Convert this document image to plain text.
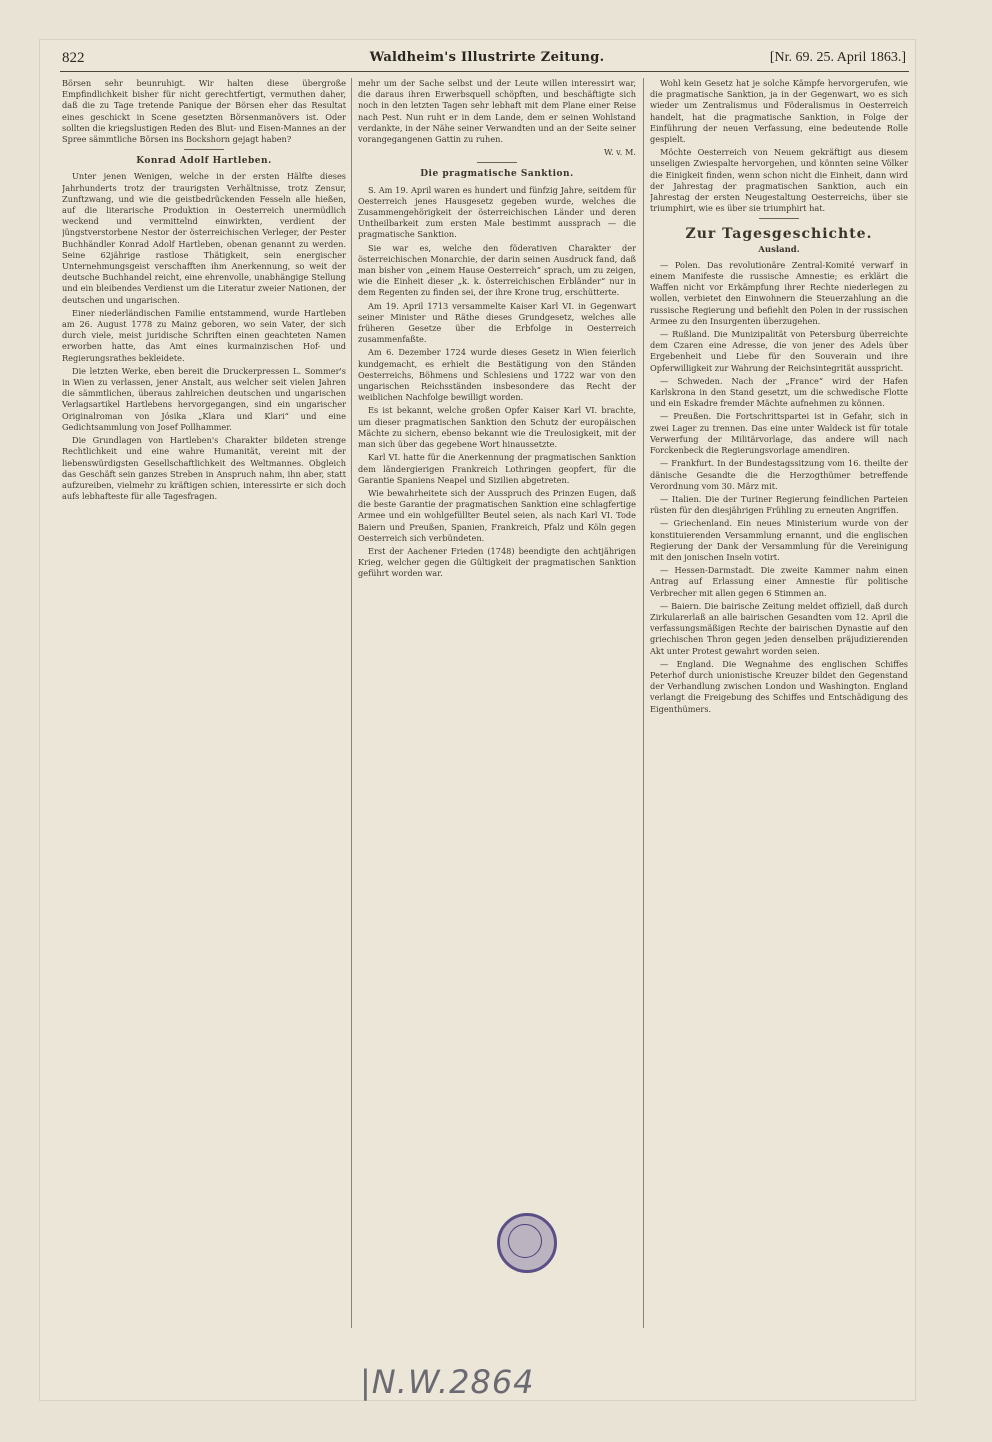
822	Waldheim's Illustrirte Zeitung.	[Nr. 69. 25. April 1863.]

Börsen sehr beunruhigt. Wir halten diese übergroße Empfindlichkeit bisher für nicht gerechtfertigt, vermuthen daher, daß die zu Tage tretende Panique der Börsen eher das Resultat eines geschickt in Scene gesetzten Börsenmanövers ist. Oder sollten die kriegslustigen Reden des Blut- und Eisen-Mannes an der Spree sämmtliche Börsen ins Bockshorn gejagt haben?

Konrad Adolf Hartleben.

Unter jenen Wenigen, welche in der ersten Hälfte dieses Jahrhunderts trotz der traurigsten Verhältnisse, trotz Zensur, Zunftzwang, und wie die geistbedrückenden Fesseln alle hießen, auf die literarische Produktion in Oesterreich unermüdlich weckend und vermittelnd einwirkten, verdient der jüngstverstorbene Nestor der österreichischen Verleger, der Pester Buchhändler Konrad Adolf Hartleben, obenan genannt zu werden. Seine 62jährige rastlose Thätigkeit, sein energischer Unternehmungsgeist verschafften ihm Anerkennung, so weit der deutsche Buchhandel reicht, eine ehrenvolle, unabhängige Stellung und ein bleibendes Verdienst um die Literatur zweier Nationen, der deutschen und ungarischen.

Einer niederländischen Familie entstammend, wurde Hartleben am 26. August 1778 zu Mainz geboren, wo sein Vater, der sich durch viele, meist juridische Schriften einen geachteten Namen erworben hatte, das Amt eines kurmainzischen Hof- und Regierungsrathes bekleidete.

Die letzten Werke, eben bereit die Druckerpressen L. Sommer's in Wien zu verlassen, jener Anstalt, aus welcher seit vielen Jahren die sämmtlichen, überaus zahlreichen deutschen und ungarischen Verlagsartikel Hartlebens hervorgegangen, sind ein ungarischer Originalroman von Jósika „Klara und Klari“ und eine Gedichtsammlung von Josef Pollhammer.

Die Grundlagen von Hartleben's Charakter bildeten strenge Rechtlichkeit und eine wahre Humanität, vereint mit der liebenswürdigsten Gesellschaftlichkeit des Weltmannes. Obgleich das Geschäft sein ganzes Streben in Anspruch nahm, ihn aber, statt aufzureiben, vielmehr zu kräftigen schien, interessirte er sich doch aufs lebhafteste für alle Tagesfragen.

mehr um der Sache selbst und der Leute willen interessirt war, die daraus ihren Erwerbsquell schöpften, und beschäftigte sich noch in den letzten Tagen sehr lebhaft mit dem Plane einer Reise nach Pest. Nun ruht er in dem Lande, dem er seinen Wohlstand verdankte, in der Nähe seiner Verwandten und an der Seite seiner vorangegangenen Gattin zu ruhen.

W. v. M.

Die pragmatische Sanktion.

S. Am 19. April waren es hundert und fünfzig Jahre, seitdem für Oesterreich jenes Hausgesetz gegeben wurde, welches die Zusammengehörigkeit der österreichischen Länder und deren Untheilbarkeit zum ersten Male bestimmt aussprach — die pragmatische Sanktion.

Sie war es, welche den föderativen Charakter der österreichischen Monarchie, der darin seinen Ausdruck fand, daß man bisher von „einem Hause Oesterreich“ sprach, um zu zeigen, wie die Einheit dieser „k. k. österreichischen Erbländer“ nur in dem Regenten zu finden sei, der ihre Krone trug, erschütterte.

Am 19. April 1713 versammelte Kaiser Karl VI. in Gegenwart seiner Minister und Räthe dieses Grundgesetz, welches alle früheren Gesetze über die Erbfolge in Oesterreich zusammenfaßte.

Am 6. Dezember 1724 wurde dieses Gesetz in Wien feierlich kundgemacht, es erhielt die Bestätigung von den Ständen Oesterreichs, Böhmens und Schlesiens und 1722 war von den ungarischen Reichsständen insbesondere das Recht der weiblichen Nachfolge bewilligt worden.

Es ist bekannt, welche großen Opfer Kaiser Karl VI. brachte, um dieser pragmatischen Sanktion den Schutz der europäischen Mächte zu sichern, ebenso bekannt wie die Treulosigkeit, mit der man sich über das gegebene Wort hinaussetzte.

Karl VI. hatte für die Anerkennung der pragmatischen Sanktion dem ländergierigen Frankreich Lothringen geopfert, für die Garantie Spaniens Neapel und Sizilien abgetreten.

Wie bewahrheitete sich der Ausspruch des Prinzen Eugen, daß die beste Garantie der pragmatischen Sanktion eine schlagfertige Armee und ein wohlgefüllter Beutel seien, als nach Karl VI. Tode Baiern und Preußen, Spanien, Frankreich, Pfalz und Köln gegen Oesterreich sich verbündeten.

Erst der Aachener Frieden (1748) beendigte den achtjährigen Krieg, welcher gegen die Gültigkeit der pragmatischen Sanktion geführt worden war.

Wohl kein Gesetz hat je solche Kämpfe hervorgerufen, wie die pragmatische Sanktion, ja in der Gegenwart, wo es sich wieder um Zentralismus und Föderalismus in Oesterreich handelt, hat die pragmatische Sanktion, in Folge der Einführung der neuen Verfassung, eine bedeutende Rolle gespielt.

Möchte Oesterreich von Neuem gekräftigt aus diesem unseligen Zwiespalte hervorgehen, und könnten seine Völker die Einigkeit finden, wenn schon nicht die Einheit, dann wird der Jahrestag der pragmatischen Sanktion, auch ein Jahrestag der ersten Neugestaltung Oesterreichs, über sie triumphirt, wie es über sie triumphirt hat.

Zur Tagesgeschichte.
Ausland.

— Polen. Das revolutionäre Zentral-Komité verwarf in einem Manifeste die russische Amnestie; es erklärt die Waffen nicht vor Erkämpfung ihrer Rechte niederlegen zu wollen, verbietet den Einwohnern die Steuerzahlung an die russische Regierung und befiehlt den Polen in der russischen Armee zu den Insurgenten überzugehen.

— Rußland. Die Munizipalität von Petersburg überreichte dem Czaren eine Adresse, die von jener des Adels über Ergebenheit und Liebe für den Souverain und ihre Opferwilligkeit zur Wahrung der Reichsintegrität ausspricht.

— Schweden. Nach der „France“ wird der Hafen Karlskrona in den Stand gesetzt, um die schwedische Flotte und ein Eskadre fremder Mächte aufnehmen zu können.

— Preußen. Die Fortschrittspartei ist in Gefahr, sich in zwei Lager zu trennen. Das eine unter Waldeck ist für totale Verwerfung der Militärvorlage, das andere will nach Forckenbeck die Regierungsvorlage amendiren.

— Frankfurt. In der Bundestagssitzung vom 16. theilte der dänische Gesandte die die Herzogthümer betreffende Verordnung vom 30. März mit.

— Italien. Die der Turiner Regierung feindlichen Parteien rüsten für den diesjährigen Frühling zu erneuten Angriffen.

— Griechenland. Ein neues Ministerium wurde von der konstituierenden Versammlung ernannt, und die englischen Regierung der Dank der Versammlung für die Vereinigung mit den jonischen Inseln votirt.

— Hessen-Darmstadt. Die zweite Kammer nahm einen Antrag auf Erlassung einer Amnestie für politische Verbrecher mit allen gegen 6 Stimmen an.

— Baiern. Die bairische Zeitung meldet offiziell, daß durch Zirkularerlaß an alle bairischen Gesandten vom 12. April die verfassungsmäßigen Rechte der bairischen Dynastie auf den griechischen Thron gegen jeden denselben präjudizierenden Akt unter Protest gewahrt worden seien.

— England. Die Wegnahme des englischen Schiffes Peterhof durch unionistische Kreuzer bildet den Gegenstand der Verhandlung zwischen London und Washington. England verlangt die Freigebung des Schiffes und Entschädigung des Eigenthümers.

|N.W.2864
